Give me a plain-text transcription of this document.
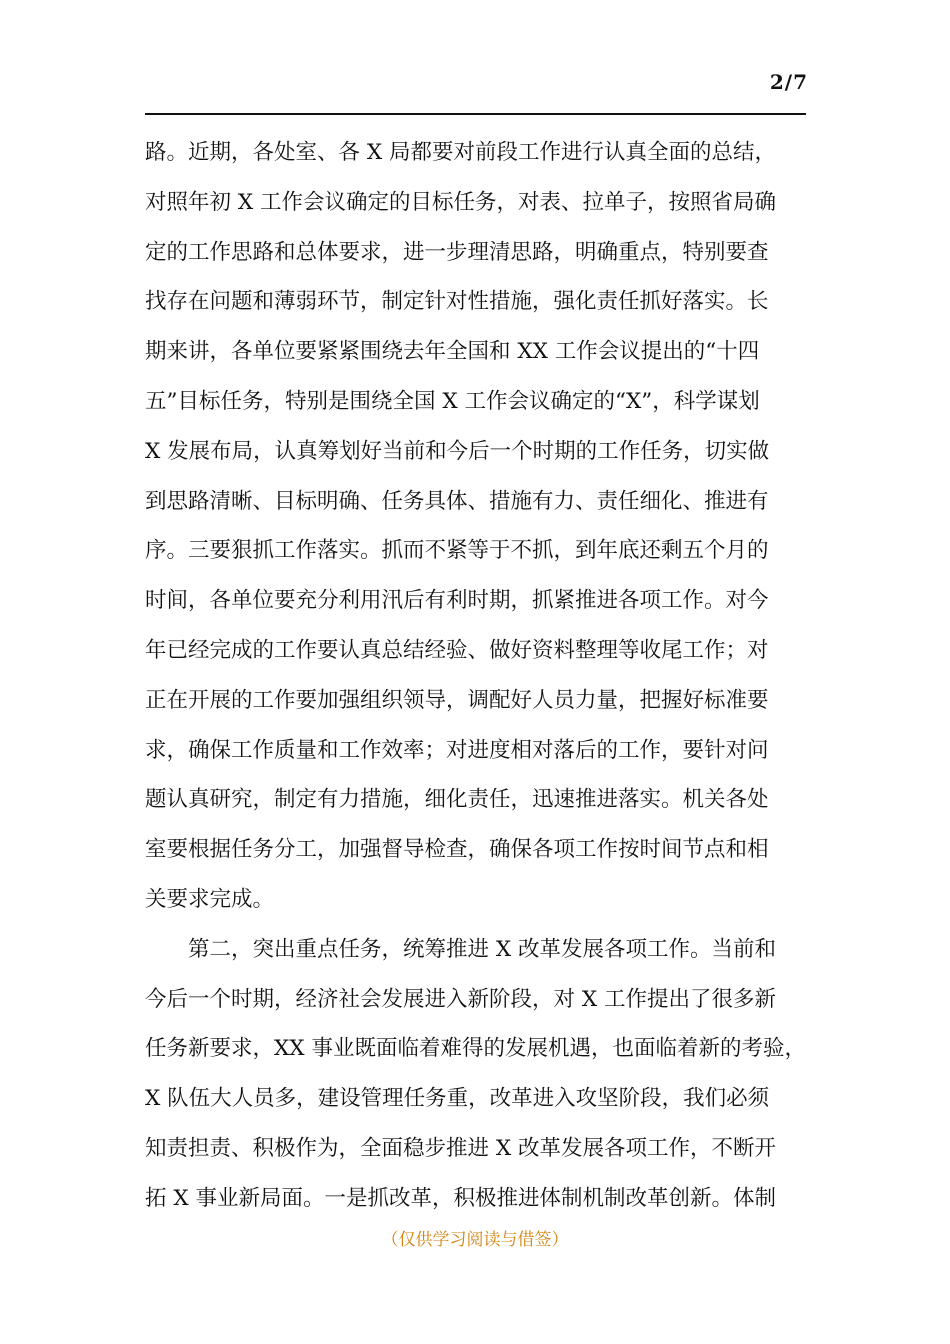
2/7
路。近期，各处室、各 X 局都要对前段工作进行认真全面的总结，
对照年初 X 工作会议确定的目标任务，对表、拉单子，按照省局确
定的工作思路和总体要求，进一步理清思路，明确重点，特别要查
找存在问题和薄弱环节，制定针对性措施，强化责任抓好落实。长
期来讲，各单位要紧紧围绕去年全国和 XX 工作会议提出的“十四
五”目标任务，特别是围绕全国 X 工作会议确定的“X”，科学谋划
X 发展布局，认真筹划好当前和今后一个时期的工作任务，切实做
到思路清晰、目标明确、任务具体、措施有力、责任细化、推进有
序。三要狠抓工作落实。抓而不紧等于不抓，到年底还剩五个月的
时间，各单位要充分利用汛后有利时期，抓紧推进各项工作。对今
年已经完成的工作要认真总结经验、做好资料整理等收尾工作；对
正在开展的工作要加强组织领导，调配好人员力量，把握好标准要
求，确保工作质量和工作效率；对进度相对落后的工作，要针对问
题认真研究，制定有力措施，细化责任，迅速推进落实。机关各处
室要根据任务分工，加强督导检查，确保各项工作按时间节点和相
关要求完成。
第二，突出重点任务，统筹推进 X 改革发展各项工作。当前和
今后一个时期，经济社会发展进入新阶段，对 X 工作提出了很多新
任务新要求，XX 事业既面临着难得的发展机遇，也面临着新的考验，
X 队伍大人员多，建设管理任务重，改革进入攻坚阶段，我们必须
知责担责、积极作为，全面稳步推进 X 改革发展各项工作，不断开
拓 X 事业新局面。一是抓改革，积极推进体制机制改革创新。体制
（仅供学习阅读与借签）
